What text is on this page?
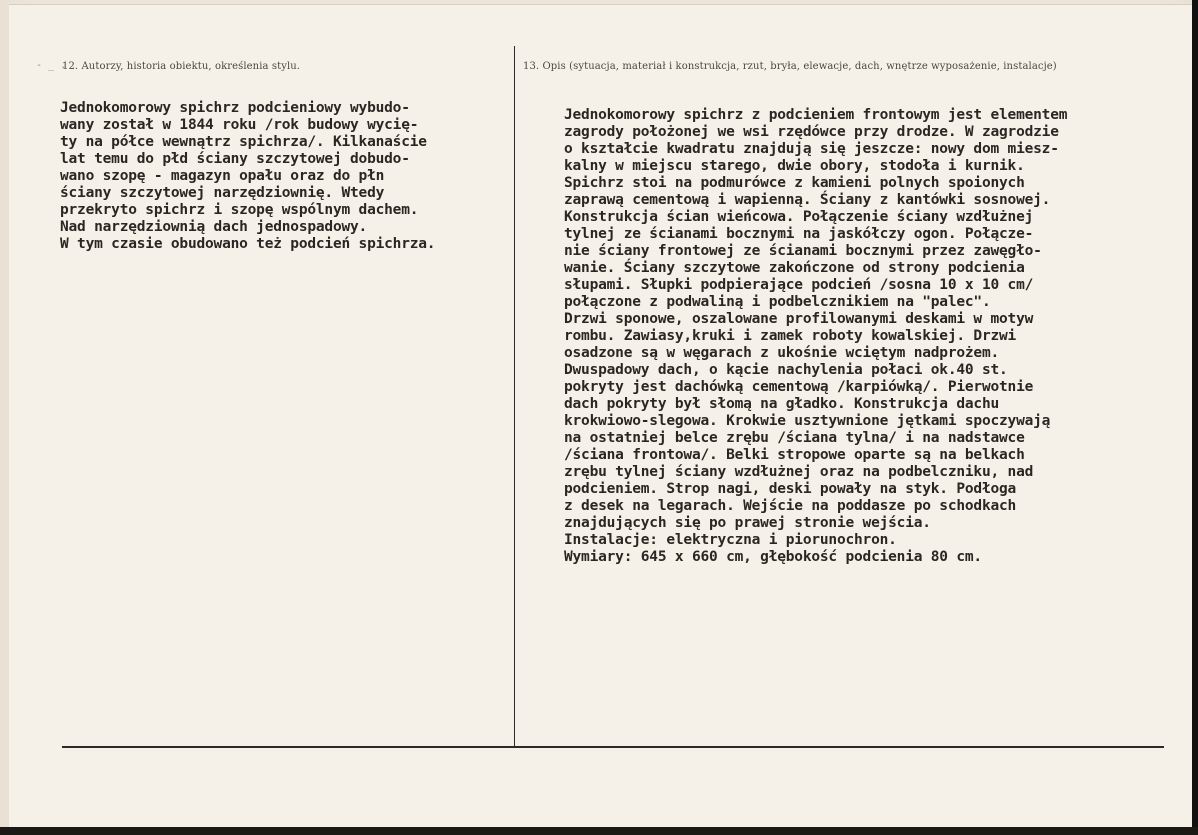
- _ .
12. Autorzy, historia obiektu, określenia stylu.	13. Opis (sytuacja, materiał i konstrukcja, rzut, bryła, elewacje, dach, wnętrze wyposażenie, instalacje)
Jednokomorowy spichrz podcieniowy wybudo-
wany został w 1844 roku /rok budowy wycię-
ty na półce wewnątrz spichrza/. Kilkanaście
lat temu do płd ściany szczytowej dobudo-
wano szopę - magazyn opału oraz do płn
ściany szczytowej narzędziownię. Wtedy
przekryto spichrz i szopę wspólnym dachem.
Nad narzędziownią dach jednospadowy.
W tym czasie obudowano też podcień spichrza.
Jednokomorowy spichrz z podcieniem frontowym jest elementem
zagrody położonej we wsi rzędówce przy drodze. W zagrodzie
o kształcie kwadratu znajdują się jeszcze: nowy dom miesz-
kalny w miejscu starego, dwie obory, stodoła i kurnik.
Spichrz stoi na podmurówce z kamieni polnych spoionych
zaprawą cementową i wapienną. Ściany z kantówki sosnowej.
Konstrukcja ścian wieńcowa. Połączenie ściany wzdłużnej
tylnej ze ścianami bocznymi na jaskółczy ogon. Połącze-
nie ściany frontowej ze ścianami bocznymi przez zawęgło-
wanie. Ściany szczytowe zakończone od strony podcienia
słupami. Słupki podpierające podcień /sosna 10 x 10 cm/
połączone z podwaliną i podbelcznikiem na "palec".
Drzwi sponowe, oszalowane profilowanymi deskami w motyw
rombu. Zawiasy,kruki i zamek roboty kowalskiej. Drzwi
osadzone są w węgarach z ukośnie wciętym nadprożem.
Dwuspadowy dach, o kącie nachylenia połaci ok.40 st.
pokryty jest dachówką cementową /karpiówką/. Pierwotnie
dach pokryty był słomą na gładko. Konstrukcja dachu
krokwiowo-slegowa. Krokwie usztywnione jętkami spoczywają
na ostatniej belce zrębu /ściana tylna/ i na nadstawce
/ściana frontowa/. Belki stropowe oparte są na belkach
zrębu tylnej ściany wzdłużnej oraz na podbelczniku, nad
podcieniem. Strop nagi, deski powały na styk. Podłoga
z desek na legarach. Wejście na poddasze po schodkach
znajdujących się po prawej stronie wejścia.
Instalacje: elektryczna i piorunochron.
Wymiary: 645 x 660 cm, głębokość podcienia 80 cm.
